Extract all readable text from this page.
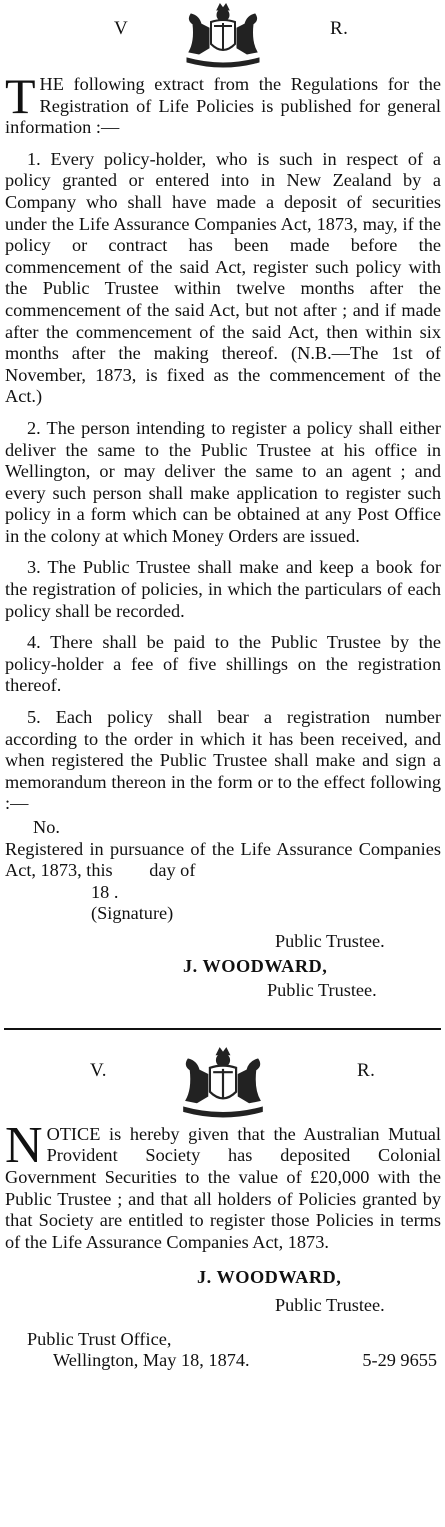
V	R.

THE following extract from the Regulations for the Registration of Life Policies is published for general information :—

1. Every policy-holder, who is such in respect of a policy granted or entered into in New Zealand by a Company who shall have made a deposit of securities under the Life Assurance Companies Act, 1873, may, if the policy or contract has been made before the commencement of the said Act, register such policy with the Public Trustee within twelve months after the commencement of the said Act, but not after ; and if made after the commencement of the said Act, then within six months after the making thereof. (N.B.—The 1st of November, 1873, is fixed as the commencement of the Act.)

2. The person intending to register a policy shall either deliver the same to the Public Trustee at his office in Wellington, or may deliver the same to an agent ; and every such person shall make application to register such policy in a form which can be obtained at any Post Office in the colony at which Money Orders are issued.

3. The Public Trustee shall make and keep a book for the registration of policies, in which the particulars of each policy shall be recorded.

4. There shall be paid to the Public Trustee by the policy-holder a fee of five shillings on the registration thereof.

5. Each policy shall bear a registration number according to the order in which it has been received, and when registered the Public Trustee shall make and sign a memorandum thereon in the form or to the effect following :—

No.
Registered in pursuance of the Life Assurance Companies Act, 1873, this day of
18 .
(Signature)
Public Trustee.
J. WOODWARD,
Public Trustee.
V.	R.

NOTICE is hereby given that the Australian Mutual Provident Society has deposited Colonial Government Securities to the value of £20,000 with the Public Trustee ; and that all holders of Policies granted by that Society are entitled to register those Policies in terms of the Life Assurance Companies Act, 1873.

J. WOODWARD,
Public Trustee.
Public Trust Office,
Wellington, May 18, 1874.	5-29 9655
